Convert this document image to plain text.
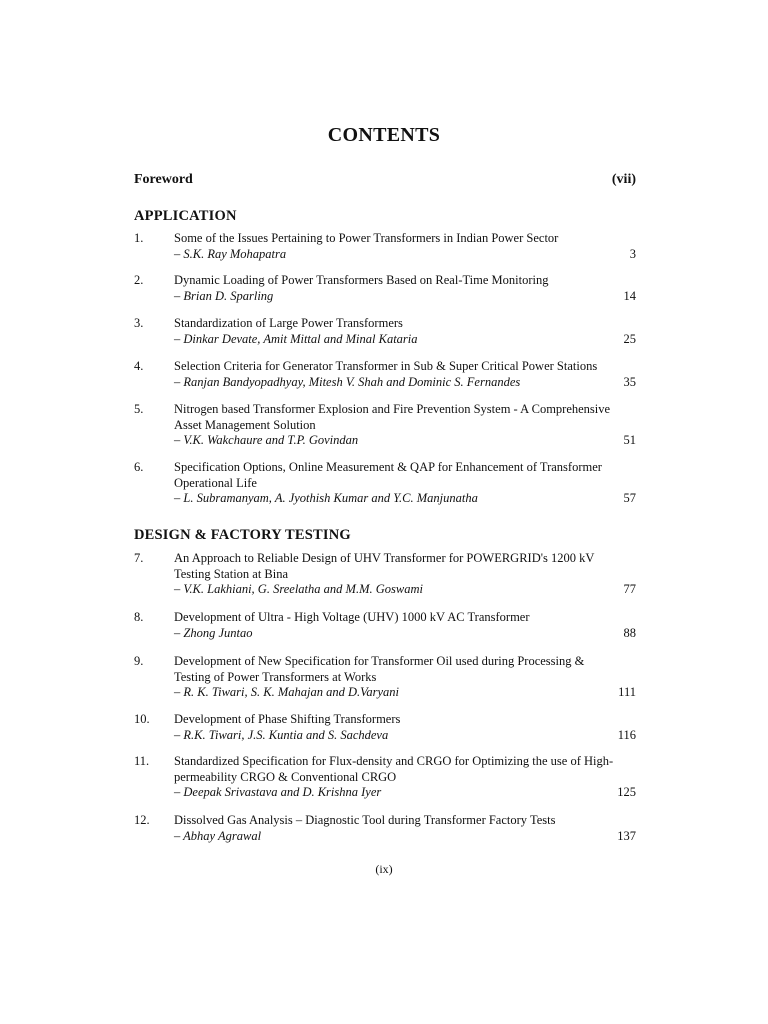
CONTENTS
Foreword	(vii)
APPLICATION
1. Some of the Issues Pertaining to Power Transformers in Indian Power Sector
– S.K. Ray Mohapatra	3
2. Dynamic Loading of Power Transformers Based on Real-Time Monitoring
– Brian D. Sparling	14
3. Standardization of Large Power Transformers
– Dinkar Devate, Amit Mittal and Minal Kataria	25
4. Selection Criteria for Generator Transformer in Sub & Super Critical Power Stations
– Ranjan Bandyopadhyay, Mitesh V. Shah and Dominic S. Fernandes	35
5. Nitrogen based Transformer Explosion and Fire Prevention System - A Comprehensive Asset Management Solution
– V.K. Wakchaure and T.P. Govindan	51
6. Specification Options, Online Measurement & QAP for Enhancement of Transformer Operational Life
– L. Subramanyam, A. Jyothish Kumar and Y.C. Manjunatha	57
DESIGN & FACTORY TESTING
7. An Approach to Reliable Design of UHV Transformer for POWERGRID's 1200 kV Testing Station at Bina
– V.K. Lakhiani, G. Sreelatha and M.M. Goswami	77
8. Development of Ultra - High Voltage (UHV) 1000 kV AC Transformer
– Zhong Juntao	88
9. Development of New Specification for Transformer Oil used during Processing & Testing of Power Transformers at Works
– R. K. Tiwari, S. K. Mahajan and D.Varyani	111
10. Development of Phase Shifting Transformers
– R.K. Tiwari, J.S. Kuntia and S. Sachdeva	116
11. Standardized Specification for Flux-density and CRGO for Optimizing the use of High-permeability CRGO & Conventional CRGO
– Deepak Srivastava and D. Krishna Iyer	125
12. Dissolved Gas Analysis – Diagnostic Tool during Transformer Factory Tests
– Abhay Agrawal	137
(ix)
